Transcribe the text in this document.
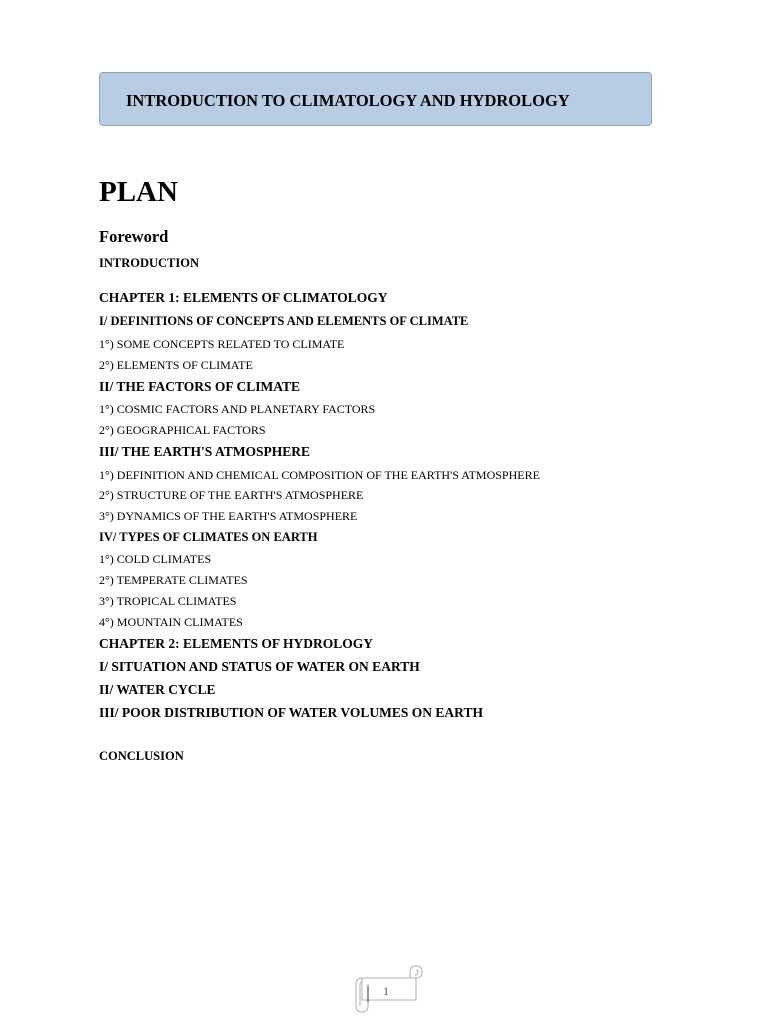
INTRODUCTION TO CLIMATOLOGY AND HYDROLOGY
PLAN
Foreword
INTRODUCTION
CHAPTER 1: ELEMENTS OF CLIMATOLOGY
I/ DEFINITIONS OF CONCEPTS AND ELEMENTS OF CLIMATE
1°) SOME CONCEPTS RELATED TO CLIMATE
2°) ELEMENTS OF CLIMATE
II/ THE FACTORS OF CLIMATE
1°) COSMIC FACTORS AND PLANETARY FACTORS
2°) GEOGRAPHICAL FACTORS
III/ THE EARTH'S ATMOSPHERE
1°) DEFINITION AND CHEMICAL COMPOSITION OF THE EARTH'S ATMOSPHERE
2°) STRUCTURE OF THE EARTH'S ATMOSPHERE
3°) DYNAMICS OF THE EARTH'S ATMOSPHERE
IV/ TYPES OF CLIMATES ON EARTH
1°) COLD CLIMATES
2°) TEMPERATE CLIMATES
3°) TROPICAL CLIMATES
4°) MOUNTAIN CLIMATES
CHAPTER 2: ELEMENTS OF HYDROLOGY
I/ SITUATION AND STATUS OF WATER ON EARTH
II/ WATER CYCLE
III/ POOR DISTRIBUTION OF WATER VOLUMES ON EARTH
CONCLUSION
1
